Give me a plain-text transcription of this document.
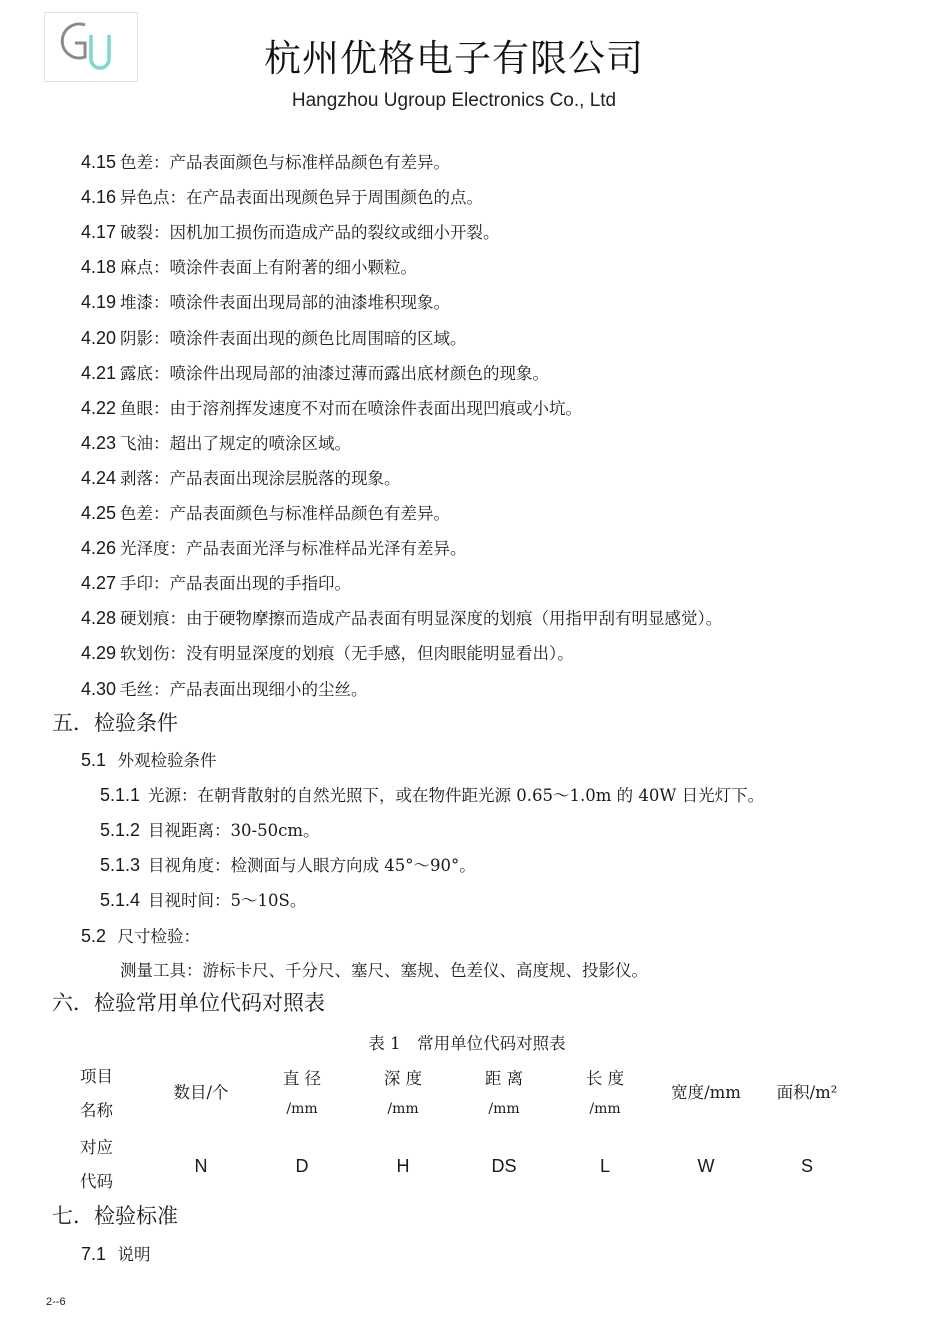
杭州优格电子有限公司
Hangzhou Ugroup Electronics Co., Ltd
4.15 色差：产品表面颜色与标准样品颜色有差异。
4.16 异色点：在产品表面出现颜色异于周围颜色的点。
4.17 破裂：因机加工损伤而造成产品的裂纹或细小开裂。
4.18 麻点：喷涂件表面上有附著的细小颗粒。
4.19 堆漆：喷涂件表面出现局部的油漆堆积现象。
4.20 阴影：喷涂件表面出现的颜色比周围暗的区域。
4.21 露底：喷涂件出现局部的油漆过薄而露出底材颜色的现象。
4.22 鱼眼：由于溶剂挥发速度不对而在喷涂件表面出现凹痕或小坑。
4.23 飞油：超出了规定的喷涂区域。
4.24 剥落：产品表面出现涂层脱落的现象。
4.25 色差：产品表面颜色与标准样品颜色有差异。
4.26 光泽度：产品表面光泽与标准样品光泽有差异。
4.27 手印：产品表面出现的手指印。
4.28 硬划痕：由于硬物摩擦而造成产品表面有明显深度的划痕（用指甲刮有明显感觉）。
4.29 软划伤：没有明显深度的划痕（无手感，但肉眼能明显看出）。
4.30 毛丝：产品表面出现细小的尘丝。
五．检验条件
5.1 外观检验条件
5.1.1 光源：在朝背散射的自然光照下，或在物件距光源 0.65～1.0m 的 40W 日光灯下。
5.1.2 目视距离：30-50cm。
5.1.3 目视角度：检测面与人眼方向成 45°～90°。
5.1.4 目视时间：5～10S。
5.2 尺寸检验：
测量工具：游标卡尺、千分尺、塞尺、塞规、色差仪、高度规、投影仪。
六．检验常用单位代码对照表
表 1　常用单位代码对照表
项目
名称
对应
代码
数目/个
N
直 径
/mm
D
深 度
/mm
H
距 离
/mm
DS
长 度
/mm
L
宽度/mm
W
面积/m²
S
七．检验标准
7.1 说明
2--6
